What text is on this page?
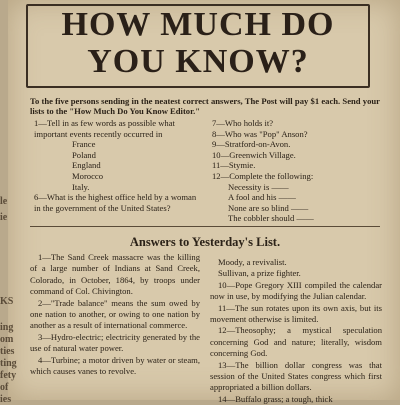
le
ie
KS
ing
om
ties
ting
fety
of
ies
HOW MUCH DO
YOU KNOW?
To the five persons sending in the neatest correct answers, The Post will pay $1 each. Send your lists to the "How Much Do You Know Editor."
1—Tell in as few words as possible what important events recently occurred in
France
Poland
England
Morocco
Italy.
6—What is the highest office held by a woman in the government of the United States?
7—Who holds it?
8—Who was "Pop" Anson?
9—Stratford-on-Avon.
10—Greenwich Village.
11—Stymie.
12—Complete the following:
Necessity is ——
A fool and his ——
None are so blind ——
The cobbler should ——
Answers to Yesterday's List.

1—The Sand Creek massacre was the killing of a large number of Indians at Sand Creek, Colorado, in October, 1864, by troops under command of Col. Chivington.

2—"Trade balance" means the sum owed by one nation to another, or owing to one nation by another as a result of international commerce.

3—Hydro-electric; electricity generated by the use of natural water power.

4—Turbine; a motor driven by water or steam, which causes vanes to revolve.

Moody, a revivalist.

Sullivan, a prize fighter.

10—Pope Gregory XIII compiled the calendar now in use, by modifying the Julian calendar.

11—The sun rotates upon its own axis, but its movement otherwise is limited.

12—Theosophy; a mystical speculation concerning God and nature; literally, wisdom concerning God.

13—The billion dollar congress was that session of the United States congress which first appropriated a billion dollars.

14—Buffalo grass; a tough, thick
